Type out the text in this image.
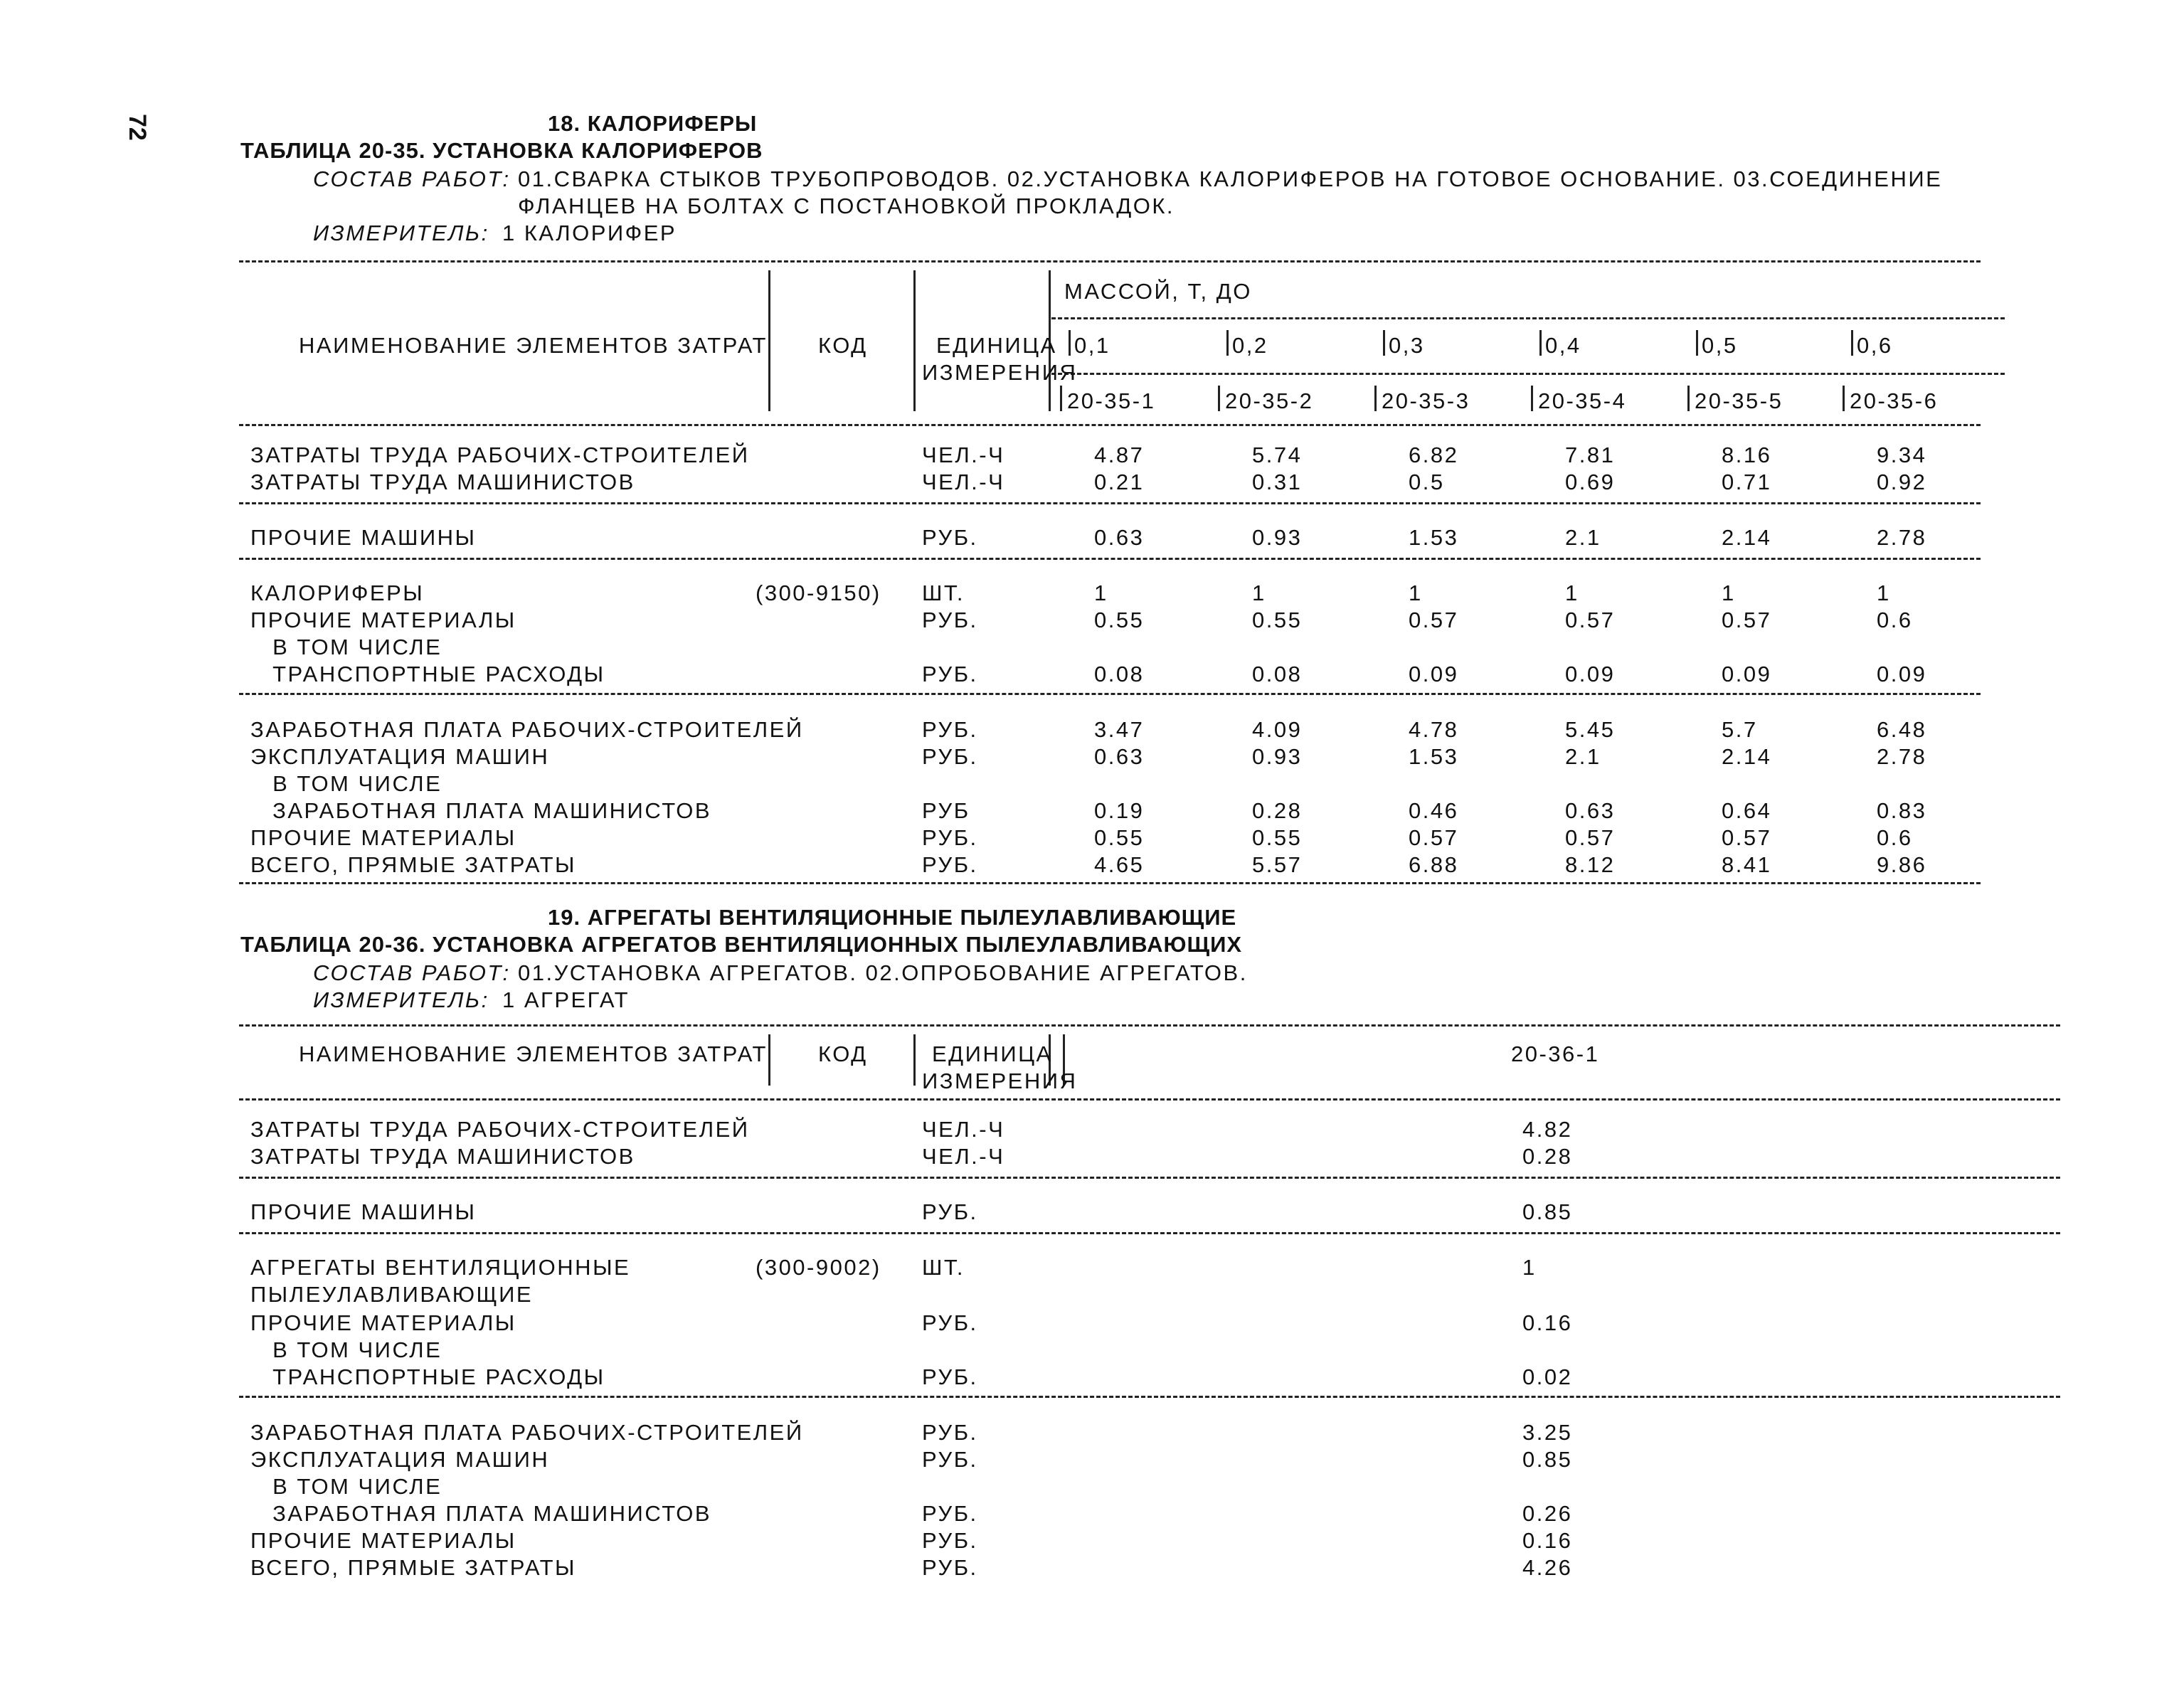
72	18. КАЛОРИФЕРЫ
ТАБЛИЦА 20-35. УСТАНОВКА КАЛОРИФЕРОВ
СОСТАВ РАБОТ: 01.СВАРКА СТЫКОВ ТРУБОПРОВОДОВ. 02.УСТАНОВКА КАЛОРИФЕРОВ НА ГОТОВОЕ ОСНОВАНИЕ. 03.СОЕДИНЕНИЕ
ФЛАНЦЕВ НА БОЛТАХ С ПОСТАНОВКОЙ ПРОКЛАДОК.
ИЗМЕРИТЕЛЬ: 1 КАЛОРИФЕР
НАИМЕНОВАНИЕ ЭЛЕМЕНТОВ ЗАТРАТ КОД	ЕДИНИЦА
ИЗМЕРЕНИЯ
МАССОЙ, Т, ДО
0,1	0,2	0,3	0,4	0,5	0,6
20-35-1	20-35-2	20-35-3	20-35-4	20-35-5	20-35-6
ЗАТРАТЫ ТРУДА РАБОЧИХ-СТРОИТЕЛЕЙ	ЧЕЛ.-Ч	4.87	5.74	6.82	7.81	8.16	9.34
ЗАТРАТЫ ТРУДА МАШИНИСТОВ	ЧЕЛ.-Ч	0.21	0.31	0.5	0.69	0.71	0.92
ПРОЧИЕ МАШИНЫ	РУБ.	0.63	0.93	1.53	2.1	2.14	2.78
КАЛОРИФЕРЫ	(300-9150) ШТ.	1	1	1	1	1	1
ПРОЧИЕ МАТЕРИАЛЫ	РУБ.	0.55	0.55	0.57	0.57	0.57	0.6
В ТОМ ЧИСЛЕ
ТРАНСПОРТНЫЕ РАСХОДЫ	РУБ.	0.08	0.08	0.09	0.09	0.09	0.09
ЗАРАБОТНАЯ ПЛАТА РАБОЧИХ-СТРОИТЕЛЕЙ	РУБ.	3.47	4.09	4.78	5.45	5.7	6.48
ЭКСПЛУАТАЦИЯ МАШИН	РУБ.	0.63	0.93	1.53	2.1	2.14	2.78
В ТОМ ЧИСЛЕ
ЗАРАБОТНАЯ ПЛАТА МАШИНИСТОВ	РУБ	0.19	0.28	0.46	0.63	0.64	0.83
ПРОЧИЕ МАТЕРИАЛЫ	РУБ.	0.55	0.55	0.57	0.57	0.57	0.6
ВСЕГО, ПРЯМЫЕ ЗАТРАТЫ	РУБ.	4.65	5.57	6.88	8.12	8.41	9.86
19. АГРЕГАТЫ ВЕНТИЛЯЦИОННЫЕ ПЫЛЕУЛАВЛИВАЮЩИЕ
ТАБЛИЦА 20-36. УСТАНОВКА АГРЕГАТОВ ВЕНТИЛЯЦИОННЫХ ПЫЛЕУЛАВЛИВАЮЩИХ
СОСТАВ РАБОТ: 01.УСТАНОВКА АГРЕГАТОВ. 02.ОПРОБОВАНИЕ АГРЕГАТОВ.
ИЗМЕРИТЕЛЬ: 1 АГРЕГАТ
НАИМЕНОВАНИЕ ЭЛЕМЕНТОВ ЗАТРАТ КОД	ЕДИНИЦА
ИЗМЕРЕНИЯ
20-36-1
ЗАТРАТЫ ТРУДА РАБОЧИХ-СТРОИТЕЛЕЙ	ЧЕЛ.-Ч	4.82
ЗАТРАТЫ ТРУДА МАШИНИСТОВ	ЧЕЛ.-Ч	0.28
ПРОЧИЕ МАШИНЫ	РУБ.	0.85
АГРЕГАТЫ ВЕНТИЛЯЦИОННЫЕ	(300-9002) ШТ.	1
ПЫЛЕУЛАВЛИВАЮЩИЕ
ПРОЧИЕ МАТЕРИАЛЫ	РУБ.	0.16
В ТОМ ЧИСЛЕ
ТРАНСПОРТНЫЕ РАСХОДЫ	РУБ.	0.02
ЗАРАБОТНАЯ ПЛАТА РАБОЧИХ-СТРОИТЕЛЕЙ	РУБ.	3.25
ЭКСПЛУАТАЦИЯ МАШИН	РУБ.	0.85
В ТОМ ЧИСЛЕ
ЗАРАБОТНАЯ ПЛАТА МАШИНИСТОВ	РУБ.	0.26
ПРОЧИЕ МАТЕРИАЛЫ	РУБ.	0.16
ВСЕГО, ПРЯМЫЕ ЗАТРАТЫ	РУБ.	4.26
